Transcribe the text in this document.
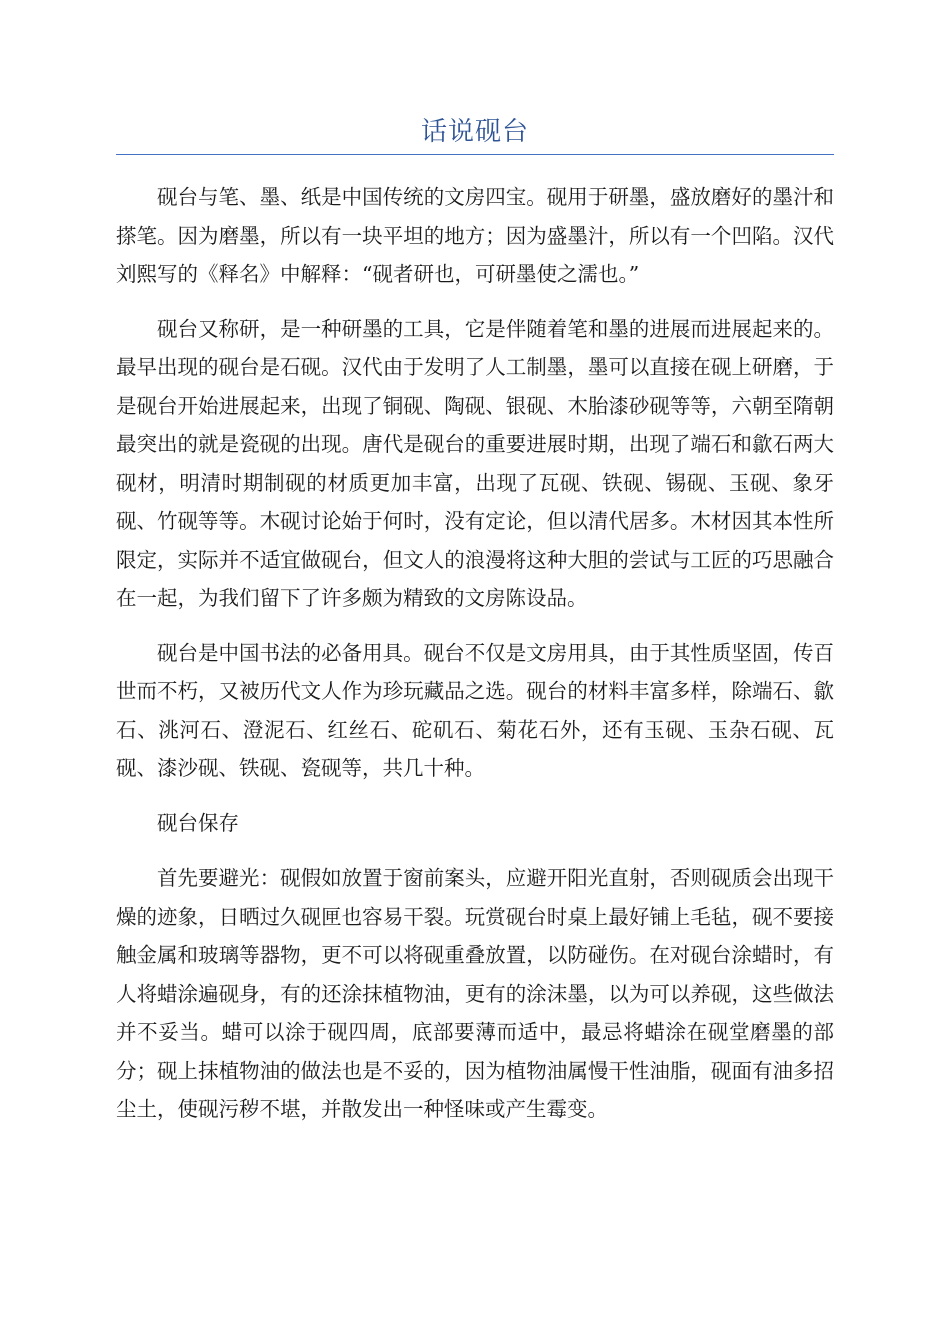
话说砚台

砚台与笔、墨、纸是中国传统的文房四宝。砚用于研墨，盛放磨好的墨汁和搽笔。因为磨墨，所以有一块平坦的地方；因为盛墨汁，所以有一个凹陷。汉代刘熙写的《释名》中解释：“砚者研也，可研墨使之濡也。”

砚台又称研，是一种研墨的工具，它是伴随着笔和墨的进展而进展起来的。最早出现的砚台是石砚。汉代由于发明了人工制墨，墨可以直接在砚上研磨，于是砚台开始进展起来，出现了铜砚、陶砚、银砚、木胎漆砂砚等等，六朝至隋朝最突出的就是瓷砚的出现。唐代是砚台的重要进展时期，出现了端石和歙石两大砚材，明清时期制砚的材质更加丰富，出现了瓦砚、铁砚、锡砚、玉砚、象牙砚、竹砚等等。木砚讨论始于何时，没有定论，但以清代居多。木材因其本性所限定，实际并不适宜做砚台，但文人的浪漫将这种大胆的尝试与工匠的巧思融合在一起，为我们留下了许多颇为精致的文房陈设品。

砚台是中国书法的必备用具。砚台不仅是文房用具，由于其性质坚固，传百世而不朽，又被历代文人作为珍玩藏品之选。砚台的材料丰富多样，除端石、歙石、洮河石、澄泥石、红丝石、砣矶石、菊花石外，还有玉砚、玉杂石砚、瓦砚、漆沙砚、铁砚、瓷砚等，共几十种。

砚台保存

首先要避光：砚假如放置于窗前案头，应避开阳光直射，否则砚质会出现干燥的迹象，日晒过久砚匣也容易干裂。玩赏砚台时桌上最好铺上毛毡，砚不要接触金属和玻璃等器物，更不可以将砚重叠放置，以防碰伤。在对砚台涂蜡时，有人将蜡涂遍砚身，有的还涂抹植物油，更有的涂沫墨，以为可以养砚，这些做法并不妥当。蜡可以涂于砚四周，底部要薄而适中，最忌将蜡涂在砚堂磨墨的部分；砚上抹植物油的做法也是不妥的，因为植物油属慢干性油脂，砚面有油多招尘土，使砚污秽不堪，并散发出一种怪味或产生霉变。
